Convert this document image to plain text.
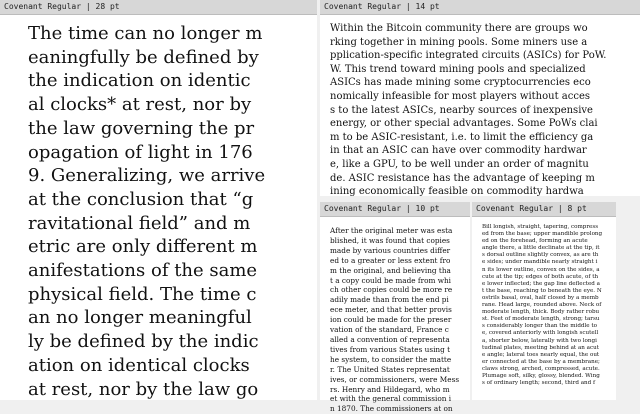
Covenant Regular | 28 pt
The time can no longer m
eaningfully be defined by
the indication on identic
al clocks* at rest, nor by
the law governing the pr
opagation of light in 176
9. Generalizing, we arrive
at the conclusion that “g
ravitational field” and m
etric are only different m
anifestations of the same
physical field. The time c
an no longer meaningful
ly be defined by the indic
ation on identical clocks
at rest, nor by the law go
Covenant Regular | 14 pt
Within the Bitcoin community there are groups wo
rking together in mining pools. Some miners use a
pplication-specific integrated circuits (ASICs) for PoW.
W. This trend toward mining pools and specialized
ASICs has made mining some cryptocurrencies eco
nomically infeasible for most players without acces
s to the latest ASICs, nearby sources of inexpensive
energy, or other special advantages. Some PoWs clai
m to be ASIC-resistant, i.e. to limit the efficiency ga
in that an ASIC can have over commodity hardwar
e, like a GPU, to be well under an order of magnitu
de. ASIC resistance has the advantage of keeping m
ining economically feasible on commodity hardwa
Covenant Regular | 10 pt
After the original meter was esta
blished, it was found that copies
made by various countries differ
ed to a greater or less extent fro
m the original, and believing tha
t a copy could be made from whi
ch other copies could be more re
adily made than from the end pi
ece meter, and that better provis
ion could be made for the preser
vation of the standard, France c
alled a convention of representa
tives from various States using t
he system, to consider the matte
r. The United States representat
ives, or commissioners, were Mess
rs. Henry and Hildegard, who m
et with the general commission i
n 1870. The commissioners at on
Covenant Regular | 8 pt
Bill longish, straight, tapering, compress
ed from the base; upper mandible prolong
ed on the forehead, forming an acute
angle there, a little declinate at the tip, it
s dorsal outline slightly convex, as are th
e sides; under mandible nearly straight i
n its lower outline, convex on the sides, a
cute at the tip; edges of both acute, of th
e lower inflected; the gap line deflected a
t the base, reaching to beneath the eye. N
ostrils basal, oval, half closed by a memb
rane. Head large, rounded above. Neck of
moderate length, thick. Body rather robu
st. Feet of moderate length, strong; tarsu
s considerably longer than the middle to
e, covered anteriorly with longish scutell
a, shorter below, laterally with two longi
tudinal plates, meeting behind at an acut
e angle; lateral toes nearly equal, the out
er connected at the base by a membrane;
claws strong, arched, compressed, acute.
Plumage soft, silky, glossy, blended. Wing
s of ordinary length; second, third and f
